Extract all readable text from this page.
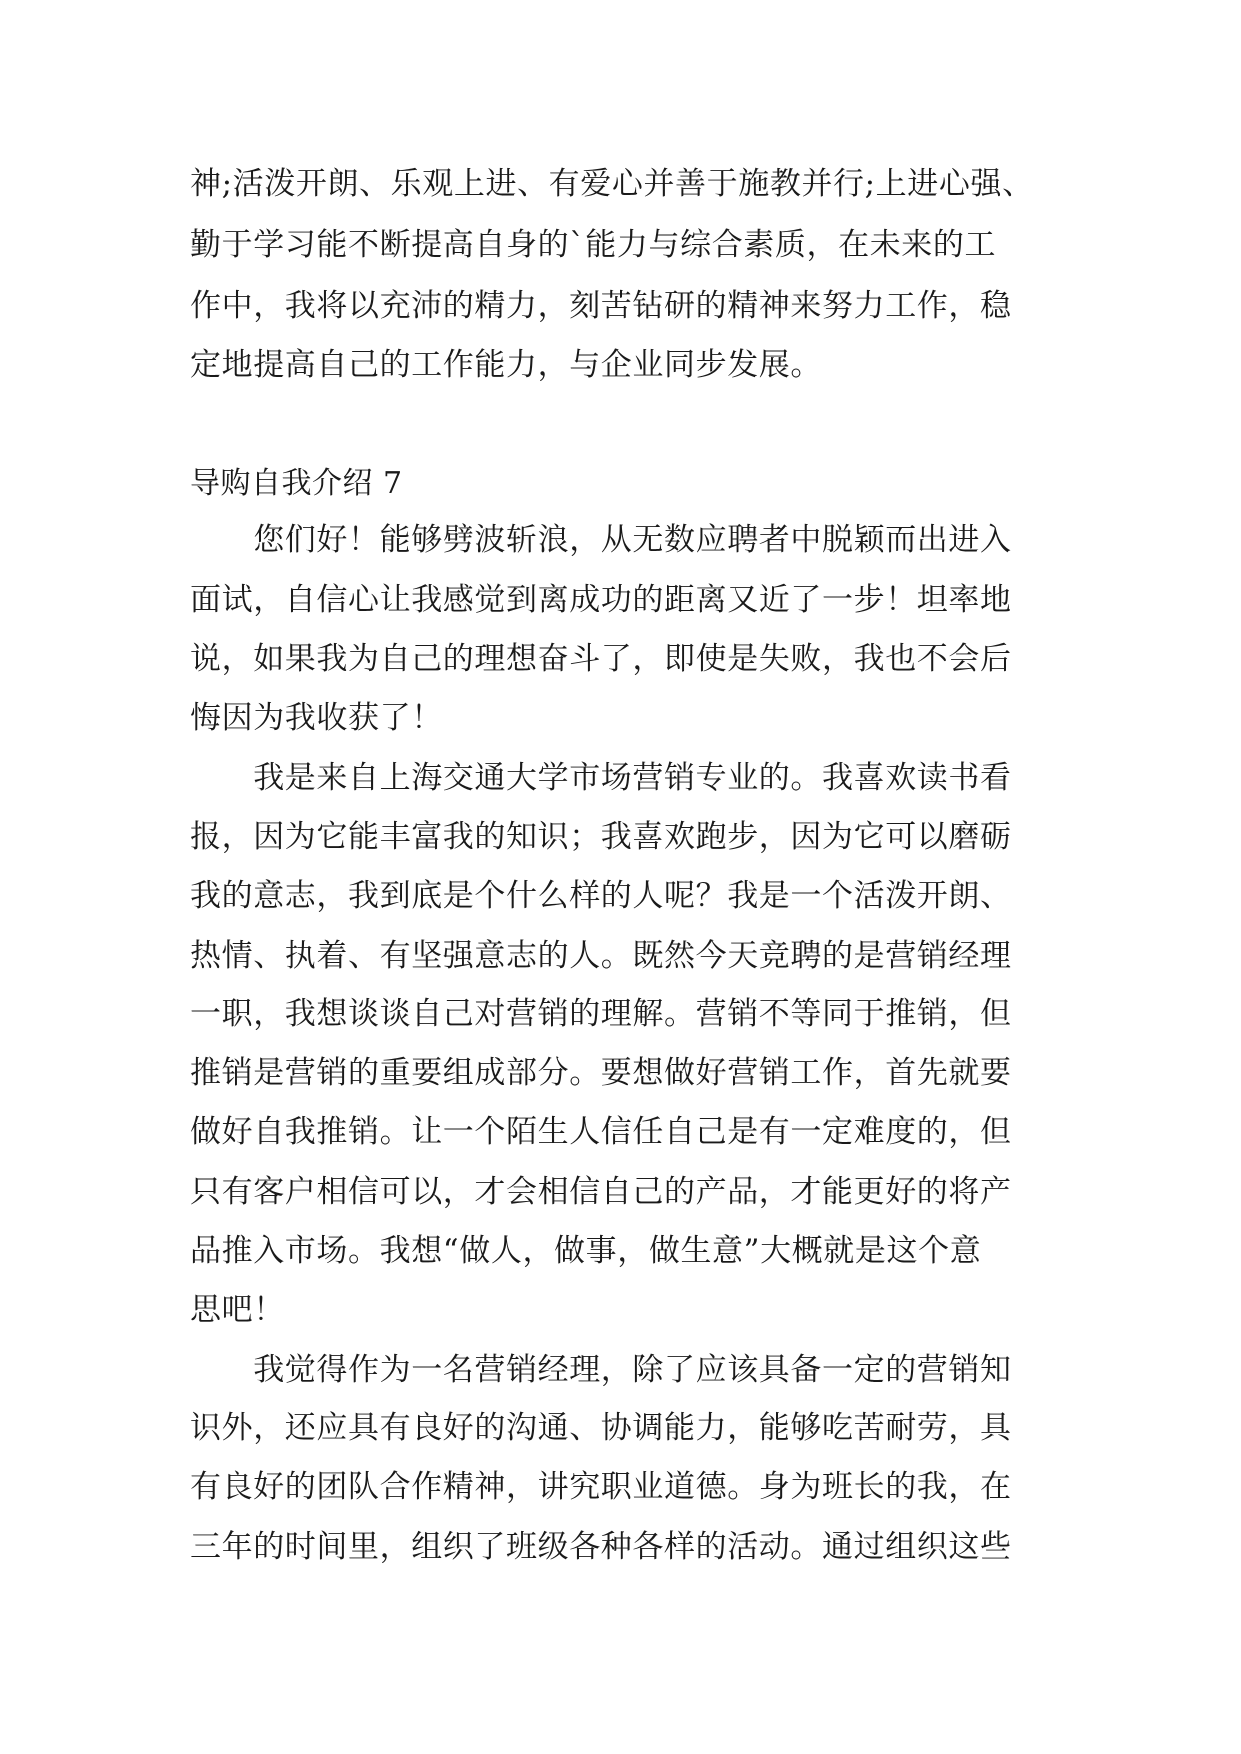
神;活泼开朗、乐观上进、有爱心并善于施教并行;上进心强、
勤于学习能不断提高自身的`能力与综合素质，在未来的工
作中，我将以充沛的精力，刻苦钻研的精神来努力工作，稳
定地提高自己的工作能力，与企业同步发展。
导购自我介绍 7
　　您们好！能够劈波斩浪，从无数应聘者中脱颖而出进入
面试，自信心让我感觉到离成功的距离又近了一步！坦率地
说，如果我为自己的理想奋斗了，即使是失败，我也不会后
悔因为我收获了！
　　我是来自上海交通大学市场营销专业的。我喜欢读书看
报，因为它能丰富我的知识；我喜欢跑步，因为它可以磨砺
我的意志，我到底是个什么样的人呢？我是一个活泼开朗、
热情、执着、有坚强意志的人。既然今天竞聘的是营销经理
一职，我想谈谈自己对营销的理解。营销不等同于推销，但
推销是营销的重要组成部分。要想做好营销工作，首先就要
做好自我推销。让一个陌生人信任自己是有一定难度的，但
只有客户相信可以，才会相信自己的产品，才能更好的将产
品推入市场。我想“做人，做事，做生意”大概就是这个意
思吧！
　　我觉得作为一名营销经理，除了应该具备一定的营销知
识外，还应具有良好的沟通、协调能力，能够吃苦耐劳，具
有良好的团队合作精神，讲究职业道德。身为班长的我，在
三年的时间里，组织了班级各种各样的活动。通过组织这些
